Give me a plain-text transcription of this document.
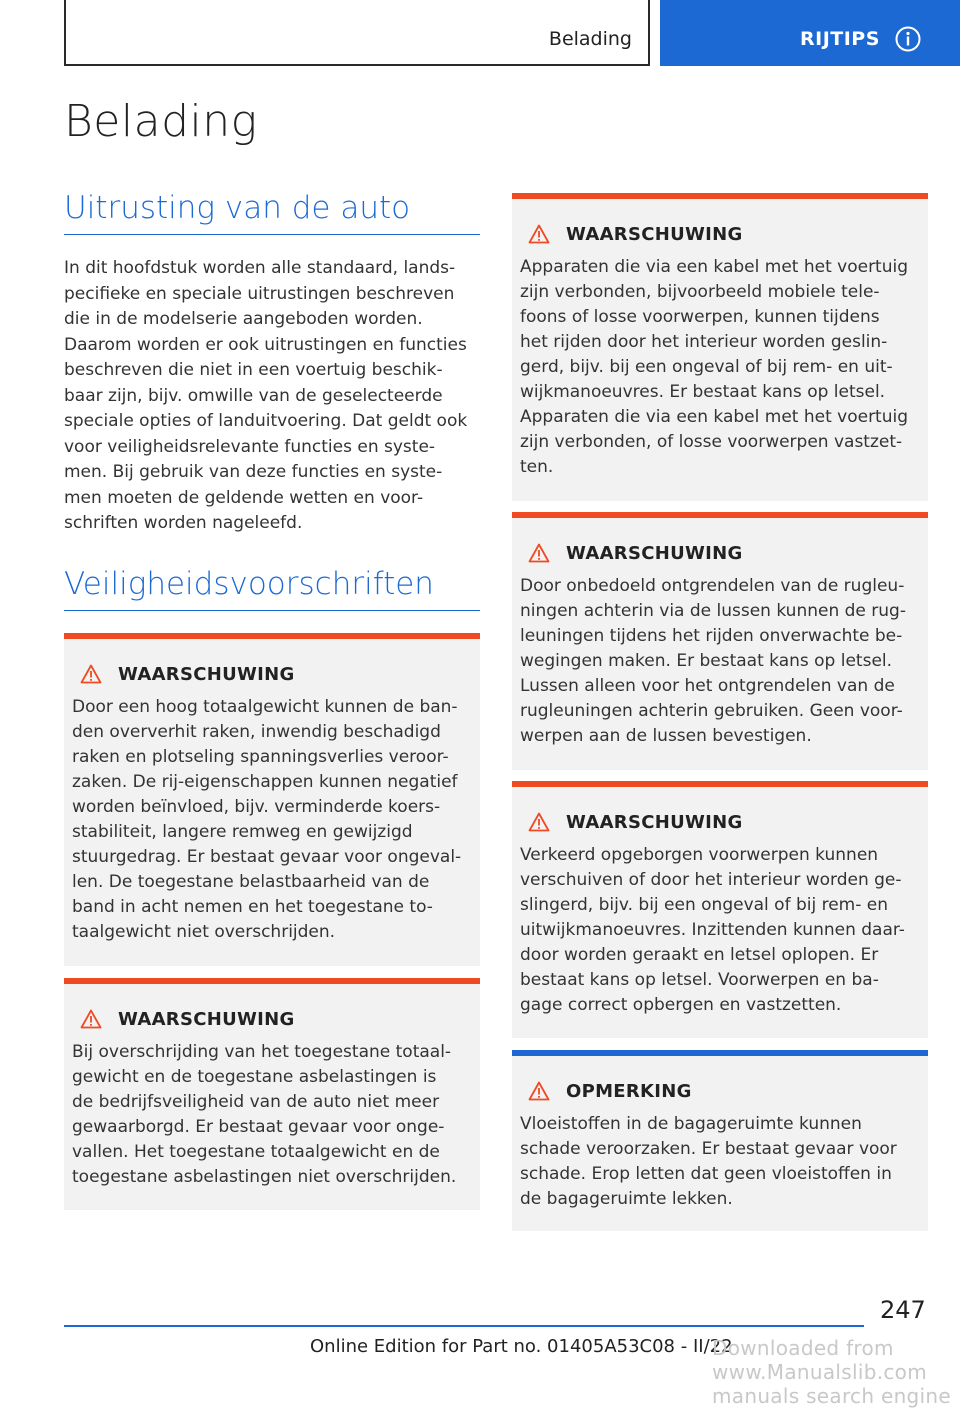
Belading	RIJTIPS
Belading
Uitrusting van de auto
In dit hoofdstuk worden alle standaard, lands-
pecifieke en speciale uitrustingen beschreven
die in de modelserie aangeboden worden.
Daarom worden er ook uitrustingen en functies
beschreven die niet in een voertuig beschik-
baar zijn, bijv. omwille van de geselecteerde
speciale opties of landuitvoering. Dat geldt ook
voor veiligheidsrelevante functies en syste-
men. Bij gebruik van deze functies en syste-
men moeten de geldende wetten en voor-
schriften worden nageleefd.
Veiligheidsvoorschriften
WAARSCHUWING
Door een hoog totaalgewicht kunnen de ban-
den oververhit raken, inwendig beschadigd
raken en plotseling spanningsverlies veroor-
zaken. De rij-eigenschappen kunnen negatief
worden beïnvloed, bijv. verminderde koers-
stabiliteit, langere remweg en gewijzigd
stuurgedrag. Er bestaat gevaar voor ongeval-
len. De toegestane belastbaarheid van de
band in acht nemen en het toegestane to-
taalgewicht niet overschrijden.
WAARSCHUWING
Bij overschrijding van het toegestane totaal-
gewicht en de toegestane asbelastingen is
de bedrijfsveiligheid van de auto niet meer
gewaarborgd. Er bestaat gevaar voor onge-
vallen. Het toegestane totaalgewicht en de
toegestane asbelastingen niet overschrijden.
WAARSCHUWING
Apparaten die via een kabel met het voertuig
zijn verbonden, bijvoorbeeld mobiele tele-
foons of losse voorwerpen, kunnen tijdens
het rijden door het interieur worden geslin-
gerd, bijv. bij een ongeval of bij rem- en uit-
wijkmanoeuvres. Er bestaat kans op letsel.
Apparaten die via een kabel met het voertuig
zijn verbonden, of losse voorwerpen vastzet-
ten.
WAARSCHUWING
Door onbedoeld ontgrendelen van de rugleu-
ningen achterin via de lussen kunnen de rug-
leuningen tijdens het rijden onverwachte be-
wegingen maken. Er bestaat kans op letsel.
Lussen alleen voor het ontgrendelen van de
rugleuningen achterin gebruiken. Geen voor-
werpen aan de lussen bevestigen.
WAARSCHUWING
Verkeerd opgeborgen voorwerpen kunnen
verschuiven of door het interieur worden ge-
slingerd, bijv. bij een ongeval of bij rem- en
uitwijkmanoeuvres. Inzittenden kunnen daar-
door worden geraakt en letsel oplopen. Er
bestaat kans op letsel. Voorwerpen en ba-
gage correct opbergen en vastzetten.
OPMERKING
Vloeistoffen in de bagageruimte kunnen
schade veroorzaken. Er bestaat gevaar voor
schade. Erop letten dat geen vloeistoffen in
de bagageruimte lekken.
247
Online Edition for Part no. 01405A53C08 - II/22
Downloaded from www.Manualslib.com manuals search engine
